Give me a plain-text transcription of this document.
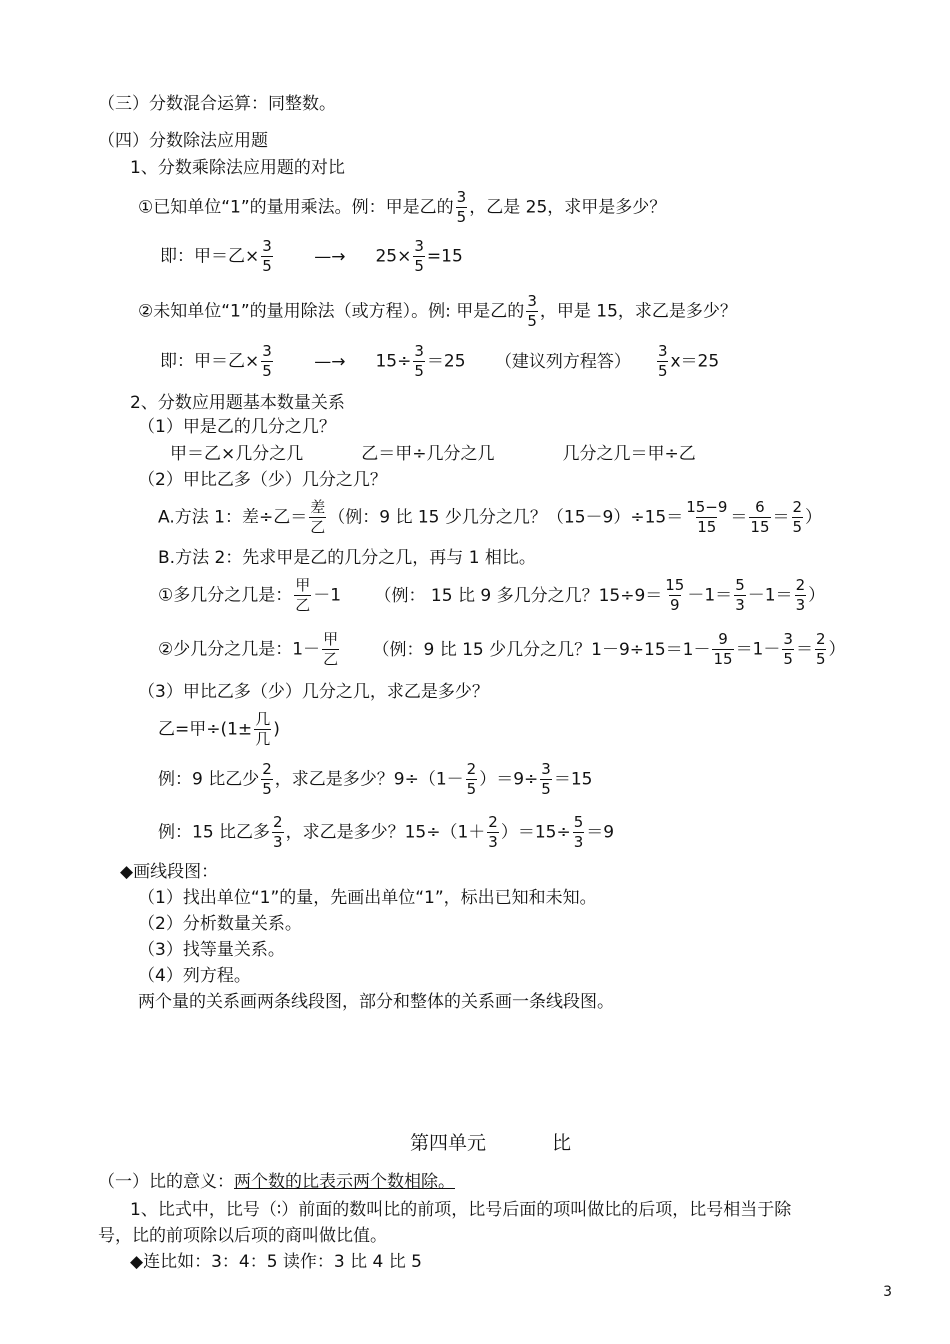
（三）分数混合运算：同整数。
（四）分数除法应用题
1、分数乘除法应用题的对比
①已知单位“1”的量用乘法。例：甲是乙的 $\frac{3}{5}$ ，乙是 25，求甲是多少？
即：甲＝乙× $\frac{3}{5}$ —→ $25\times \frac{3}{5} =15$
②未知单位“1”的量用除法（或方程）。例: 甲是乙的 $\frac{3}{5}$ ，甲是 15，求乙是多少？
即：甲＝乙× $\frac{3}{5}$ —→ $15\div \frac{3}{5} =25$ （建议列方程答） $\frac{3}{5} x=25$
2、分数应用题基本数量关系
（1）甲是乙的几分之几？
甲＝乙×几分之几	乙＝甲÷几分之几	几分之几＝甲÷乙
（2）甲比乙多（少）几分之几？
A.方法 1：差÷乙＝ $\frac{\text{差}}{\text{乙}}$ （例：9 比 15 少几分之几？$(15-9)\div 15= \frac{15-9}{15} = \frac{6}{15} = \frac{2}{5}$ ）
B.方法 2：先求甲是乙的几分之几，再与 1 相比。
①多几分之几是： $\frac{\text{甲}}{\text{乙}} -1$ （例： 15 比 9 多几分之几？$15\div 9= \frac{15}{9} -1= \frac{5}{3} -1= \frac{2}{3}$ ）
②少几分之几是：$1- \frac{\text{甲}}{\text{乙}}$ （例：9 比 15 少几分之几？$1-9\div 15=1- \frac{9}{15} =1- \frac{3}{5} = \frac{2}{5}$ ）
（3）甲比乙多（少）几分之几，求乙是多少？
乙=甲$\div(1\pm \frac{\text{几}}{\text{几}}$ )
例：9 比乙少 $\frac{2}{5}$ ，求乙是多少？$9\div(1- \frac{2}{5} )=9\div \frac{3}{5} =15$
例：15 比乙多 $\frac{2}{3}$ ，求乙是多少？$15\div(1+ \frac{2}{3} )=15\div \frac{5}{3} =9$
◆画线段图：
（1）找出单位“1”的量，先画出单位“1”，标出已知和未知。
（2）分析数量关系。
（3）找等量关系。
（4）列方程。
两个量的关系画两条线段图，部分和整体的关系画一条线段图。
第四单元	比
（一）比的意义：两个数的比表示两个数相除。
1、比式中，比号（∶）前面的数叫比的前项，比号后面的项叫做比的后项，比号相当于除
号，比的前项除以后项的商叫做比值。
◆连比如：3：4：5 读作：3 比 4 比 5
3
